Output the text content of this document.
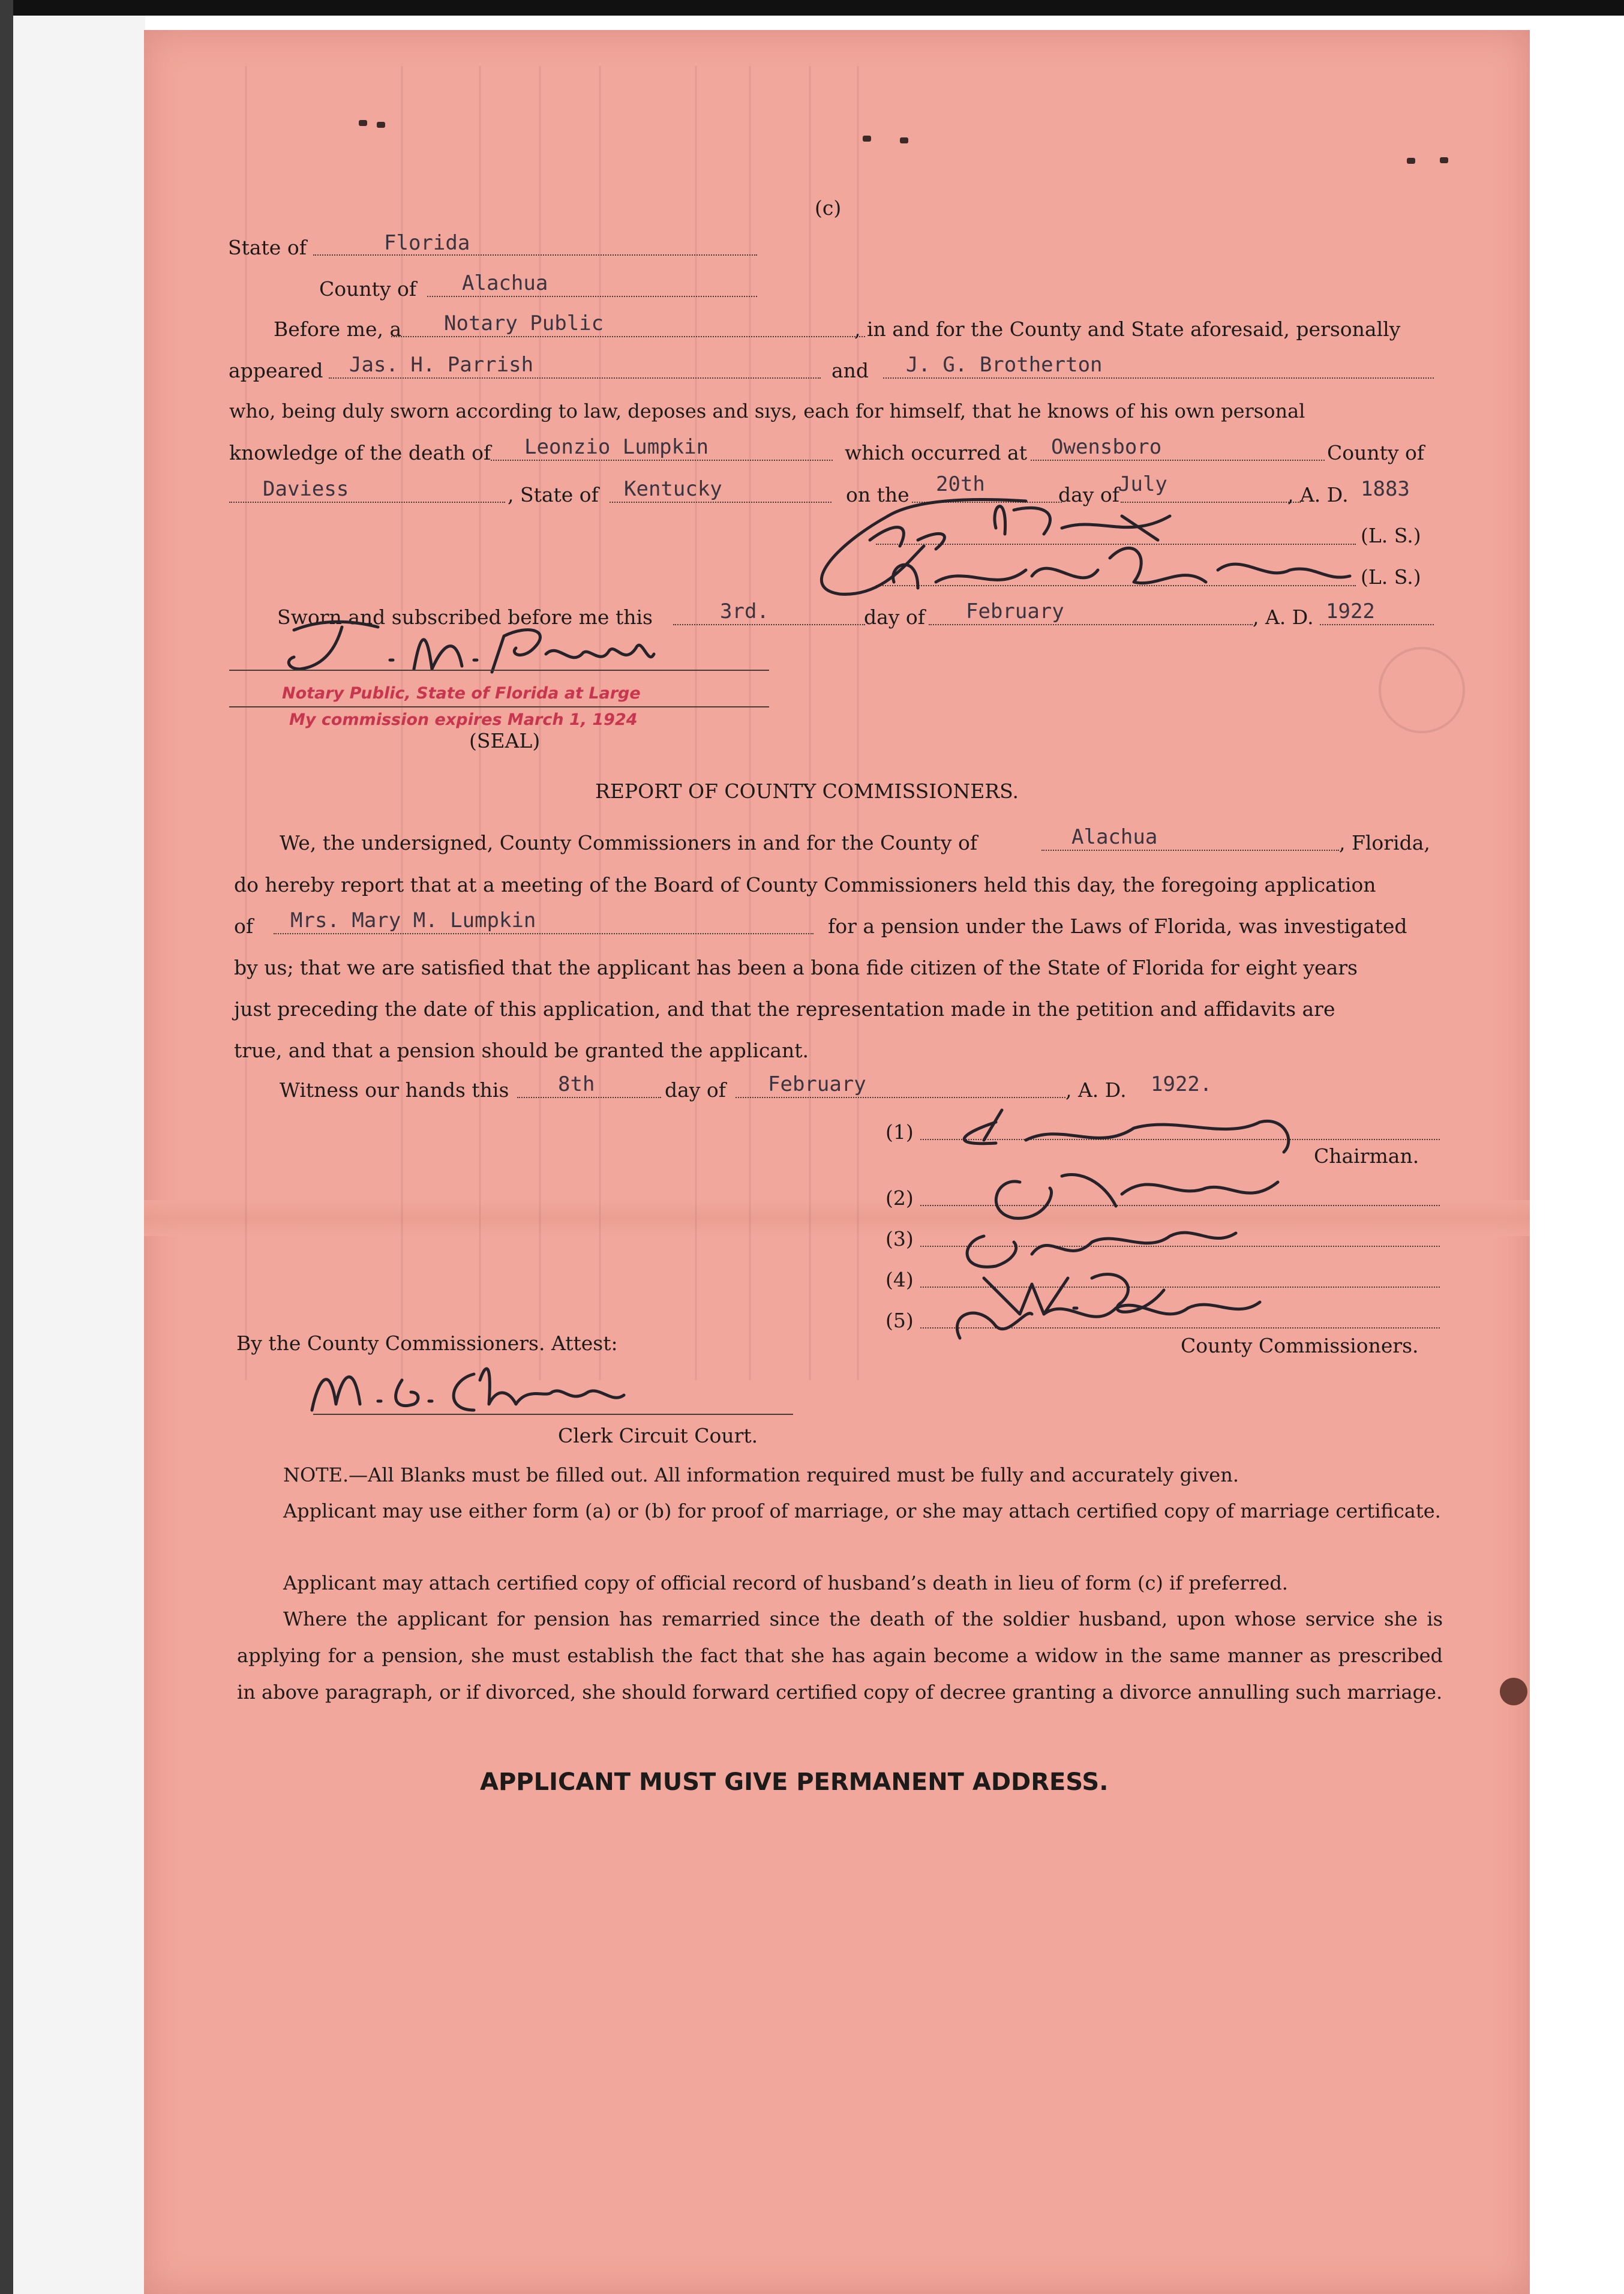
(c)
State of	Florida
County of Alachua
Before me, a Notary Public	, in and for the County and State aforesaid, personally
appeared Jas. H. Parrish	and J. G. Brotherton
who, being duly sworn according to law, deposes and sıys, each for himself, that he knows of his own personal
knowledge of the death of Leonzio Lumpkin	which occurred at Owensboro	County of
Daviess	, State of Kentucky	on the 20th	day of
July	, A. D. 1883
(L. S.)
(L. S.)
Sworn and subscribed before me this	3rd.	day of February	, A. D. 1922
Notary Public, State of Florida at Large
My commission expires March 1, 1924
(SEAL)
REPORT OF COUNTY COMMISSIONERS.
We, the undersigned, County Commissioners in and for the County of	Alachua	, Florida,
do hereby report that at a meeting of the Board of County Commissioners held this day, the foregoing application
of Mrs. Mary M. Lumpkin	for a pension under the Laws of Florida, was investigated
by us; that we are satisfied that the applicant has been a bona fide citizen of the State of Florida for eight years
just preceding the date of this application, and that the representation made in the petition and affidavits are
true, and that a pension should be granted the applicant.
Witness our hands this 8th	day of February	, A. D. 1922.
(1)
Chairman.
(2)
(3)
(4)
(5)
County Commissioners.
By the County Commissioners. Attest:
Clerk Circuit Court.
NOTE.—All Blanks must be filled out. All information required must be fully and accurately given.
Applicant may use either form (a) or (b) for proof of marriage, or she may attach certified copy of marriage certificate.
Applicant may attach certified copy of official record of husband’s death in lieu of form (c) if preferred.
Where the applicant for pension has remarried since the death of the soldier husband, upon whose service she is applying for a pension, she must establish the fact that she has again become a widow in the same manner as prescribed in above paragraph, or if divorced, she should forward certified copy of decree granting a divorce annulling such marriage.
APPLICANT MUST GIVE PERMANENT ADDRESS.
